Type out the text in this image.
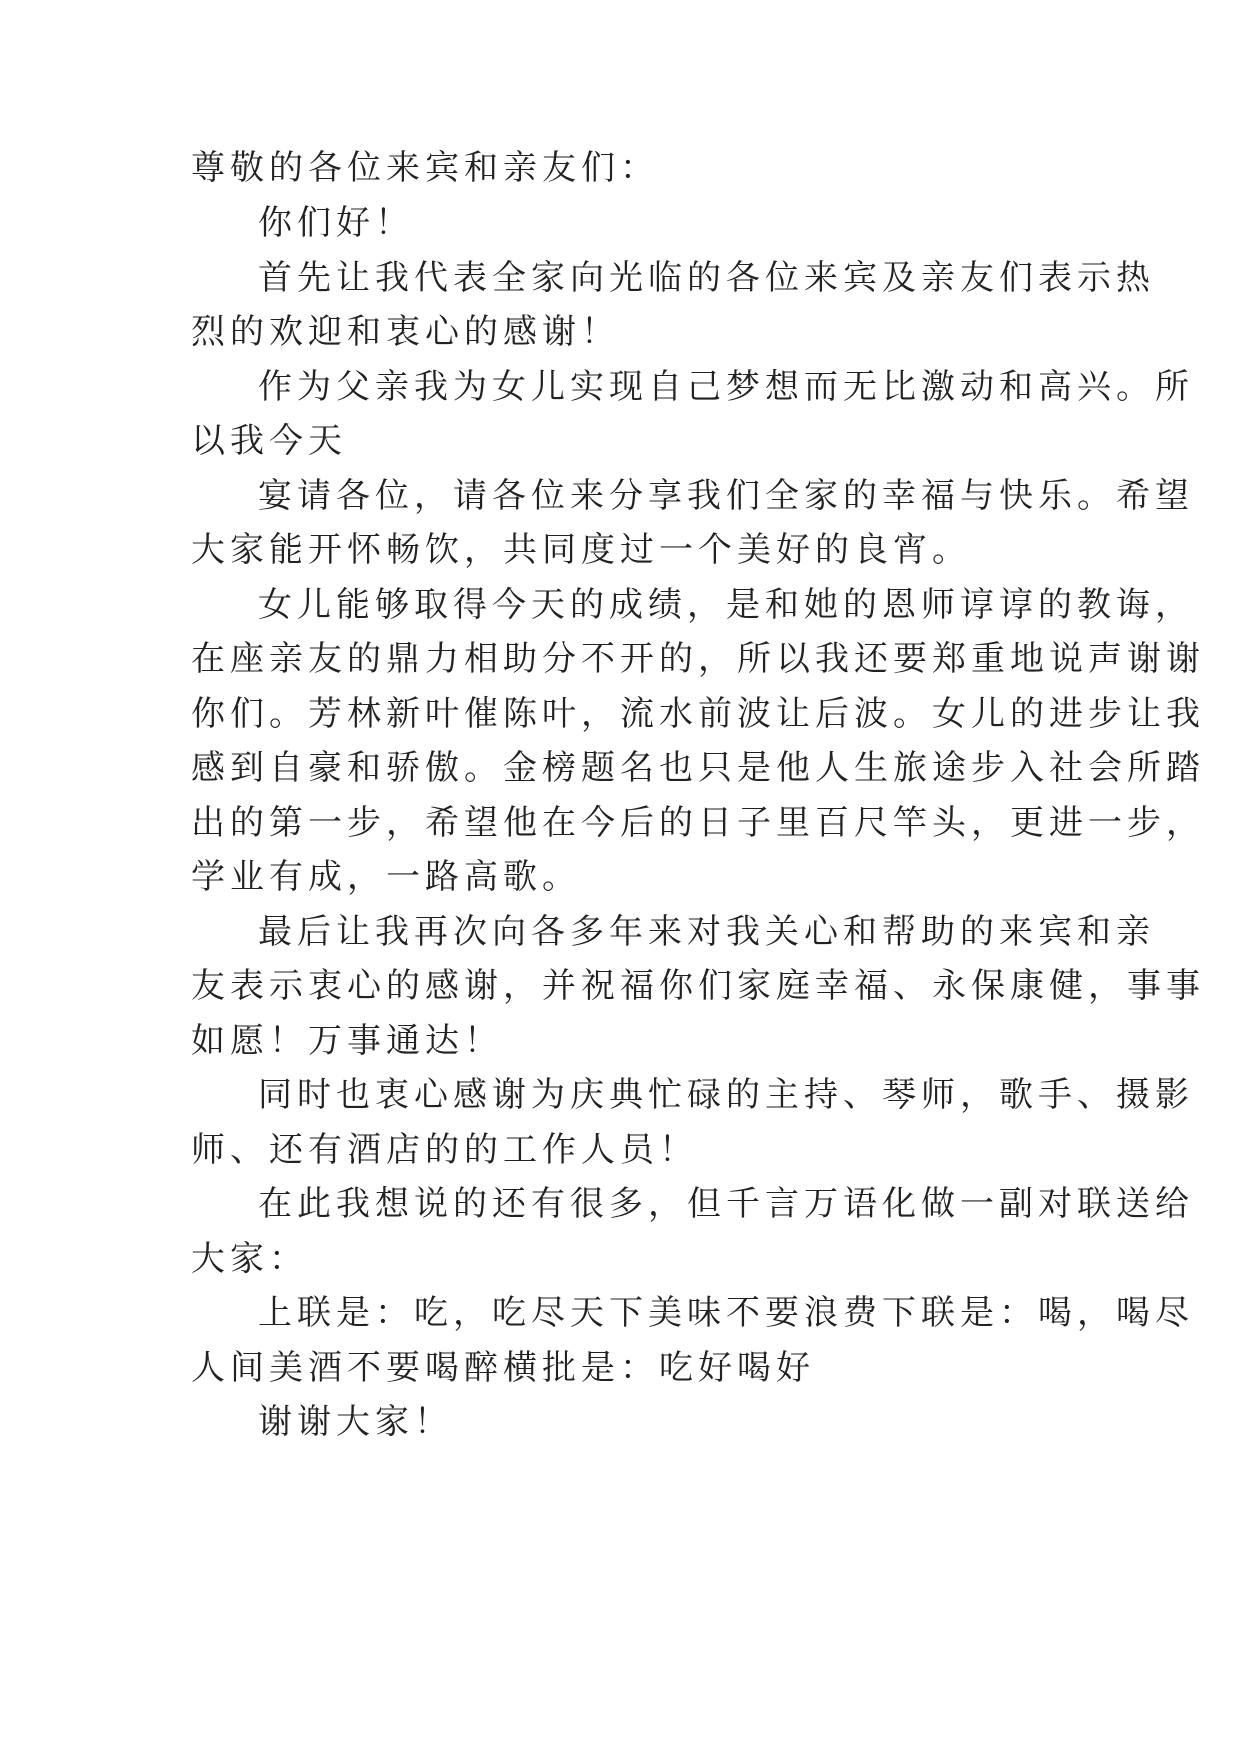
尊敬的各位来宾和亲友们：
你们好！
首先让我代表全家向光临的各位来宾及亲友们表示热
烈的欢迎和衷心的感谢！
作为父亲我为女儿实现自己梦想而无比激动和高兴。所
以我今天
宴请各位，请各位来分享我们全家的幸福与快乐。希望
大家能开怀畅饮，共同度过一个美好的良宵。
女儿能够取得今天的成绩，是和她的恩师谆谆的教诲，
在座亲友的鼎力相助分不开的，所以我还要郑重地说声谢谢
你们。芳林新叶催陈叶，流水前波让后波。女儿的进步让我
感到自豪和骄傲。金榜题名也只是他人生旅途步入社会所踏
出的第一步，希望他在今后的日子里百尺竿头，更进一步，
学业有成，一路高歌。
最后让我再次向各多年来对我关心和帮助的来宾和亲
友表示衷心的感谢，并祝福你们家庭幸福、永保康健，事事
如愿！万事通达！
同时也衷心感谢为庆典忙碌的主持、琴师，歌手、摄影
师、还有酒店的的工作人员！
在此我想说的还有很多，但千言万语化做一副对联送给
大家：
上联是：吃，吃尽天下美味不要浪费下联是：喝，喝尽
人间美酒不要喝醉横批是：吃好喝好
谢谢大家！
